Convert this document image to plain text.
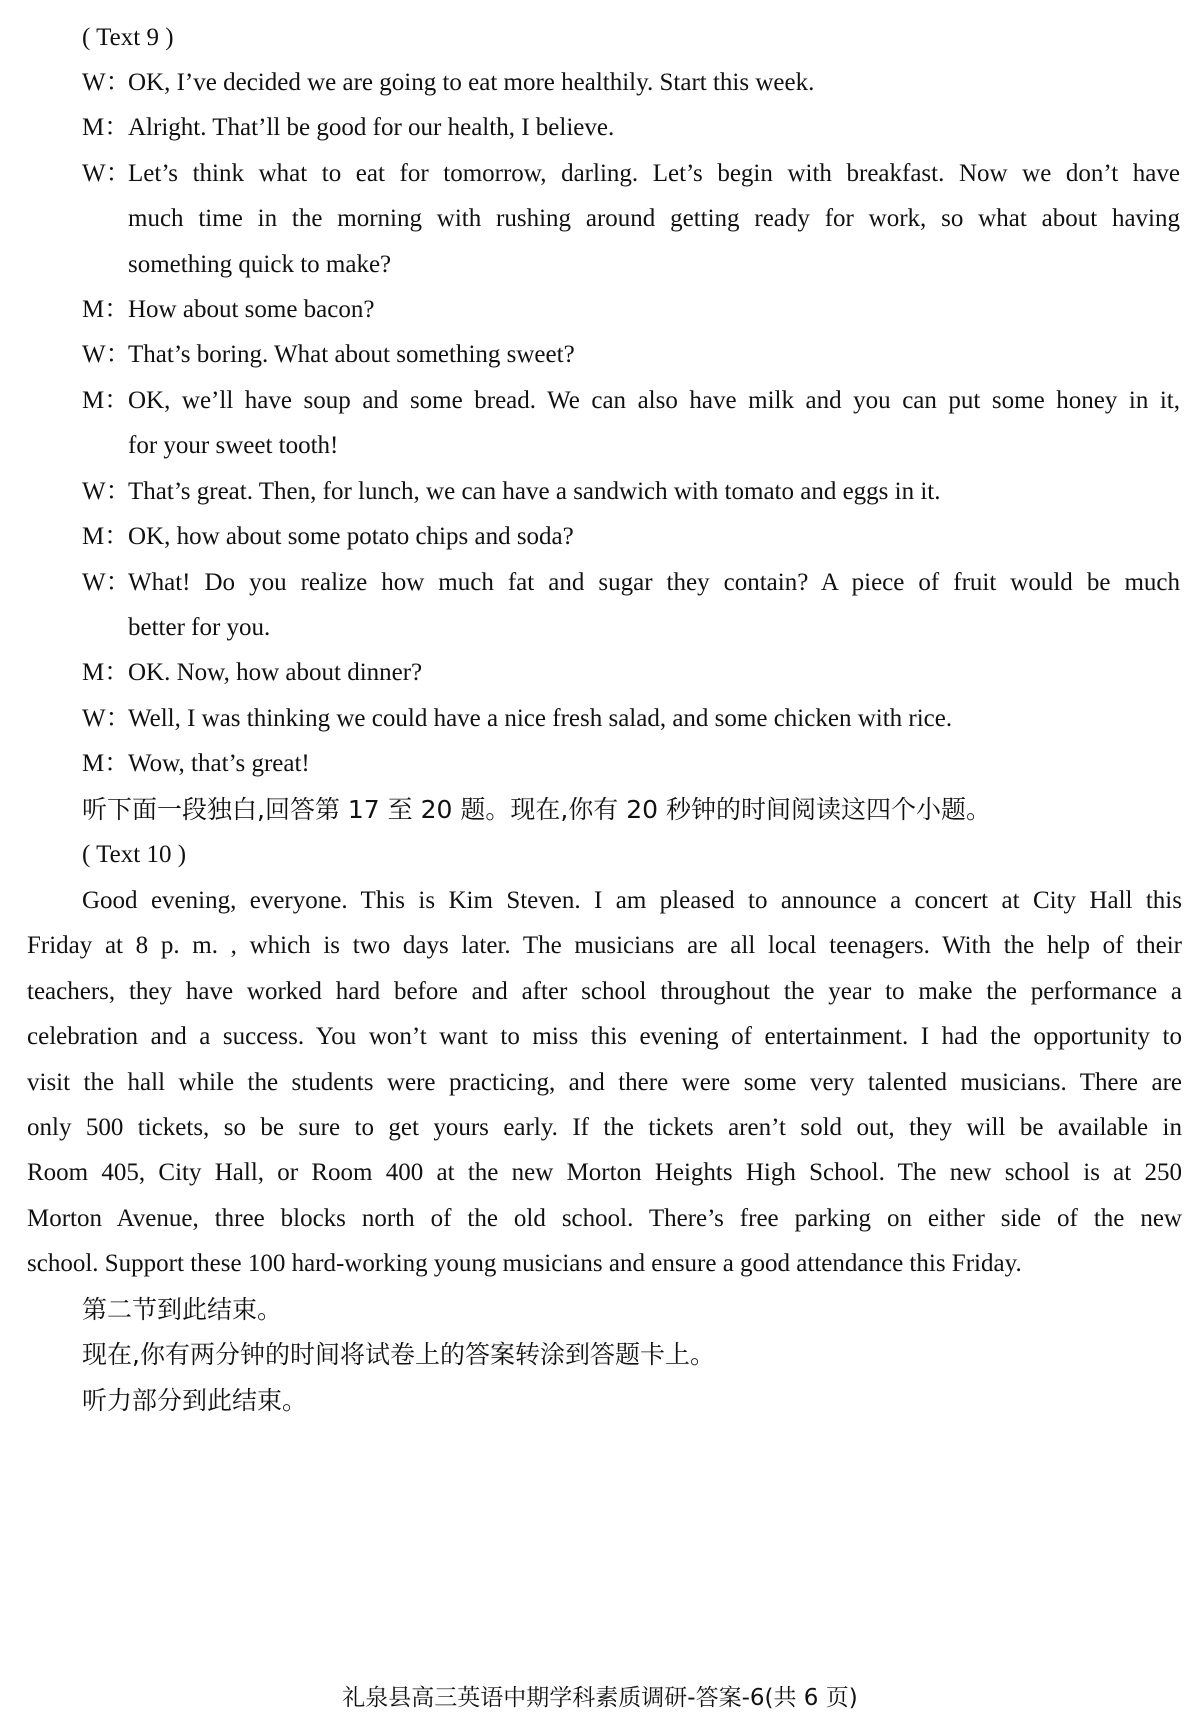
( Text 9 )
W：OK, I’ve decided we are going to eat more healthily. Start this week.
M：Alright. That’ll be good for our health, I believe.
W：Let’s think what to eat for tomorrow, darling. Let’s begin with breakfast. Now we don’t have
much time in the morning with rushing around getting ready for work, so what about having
something quick to make?
M：How about some bacon?
W：That’s boring. What about something sweet?
M：OK, we’ll have soup and some bread. We can also have milk and you can put some honey in it,
for your sweet tooth!
W：That’s great. Then, for lunch, we can have a sandwich with tomato and eggs in it.
M：OK, how about some potato chips and soda?
W：What! Do you realize how much fat and sugar they contain? A piece of fruit would be much
better for you.
M：OK. Now, how about dinner?
W：Well, I was thinking we could have a nice fresh salad, and some chicken with rice.
M：Wow, that’s great!
听下面一段独白,回答第 17 至 20 题。现在,你有 20 秒钟的时间阅读这四个小题。
( Text 10 )
Good evening, everyone. This is Kim Steven. I am pleased to announce a concert at City Hall this
Friday at 8 p. m. , which is two days later. The musicians are all local teenagers. With the help of their
teachers, they have worked hard before and after school throughout the year to make the performance a
celebration and a success. You won’t want to miss this evening of entertainment. I had the opportunity to
visit the hall while the students were practicing, and there were some very talented musicians. There are
only 500 tickets, so be sure to get yours early. If the tickets aren’t sold out, they will be available in
Room 405, City Hall, or Room 400 at the new Morton Heights High School. The new school is at 250
Morton Avenue, three blocks north of the old school. There’s free parking on either side of the new
school. Support these 100 hard-working young musicians and ensure a good attendance this Friday.
第二节到此结束。
现在,你有两分钟的时间将试卷上的答案转涂到答题卡上。
听力部分到此结束。
礼泉县高三英语中期学科素质调研-答案-6(共 6 页)
